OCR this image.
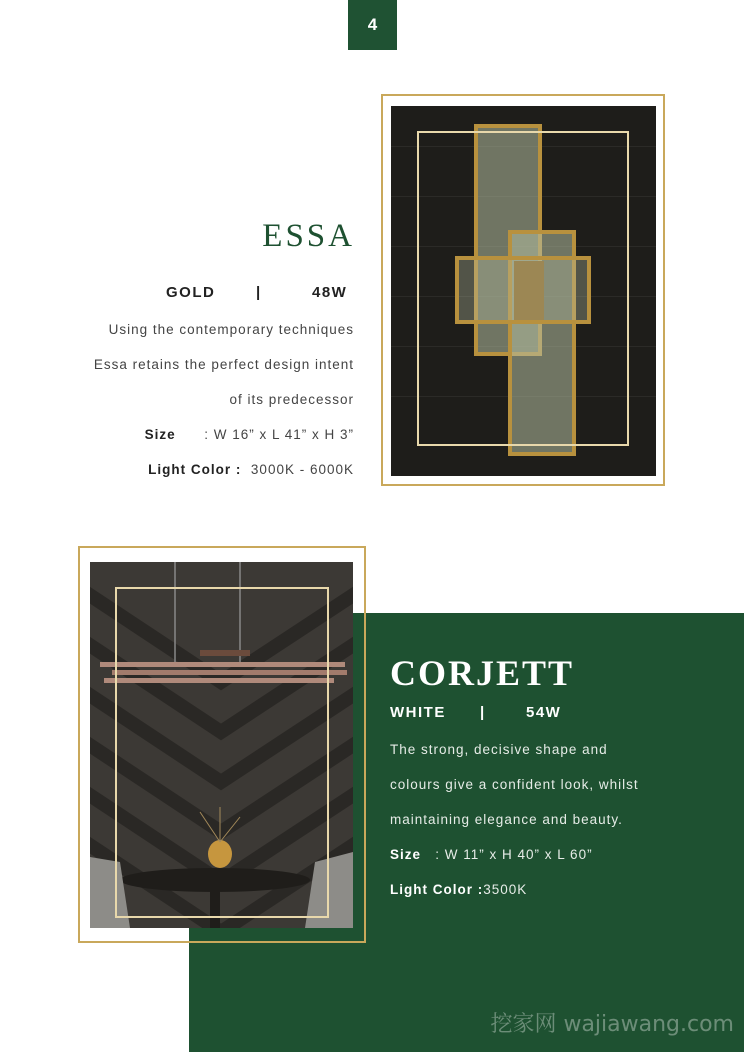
4
ESSA
GOLD	|	48W
Using the contemporary techniques
Essa retains the perfect design intent
of its predecessor
Size : W 16” x L 41” x H 3”
Light Color : 3000K - 6000K
CORJETT
WHITE |	54W
The strong, decisive shape and
colours give a confident look, whilst
maintaining elegance and beauty.
Size : W 11” x H 40” x L 60”
Light Color :3500K
挖家网 wajiawang.com
